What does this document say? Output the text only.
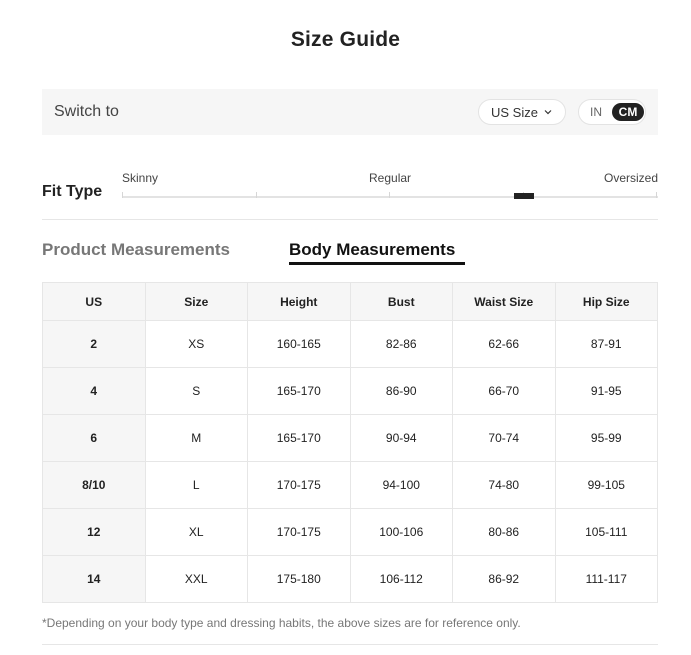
Size Guide
Switch to	US Size	IN	CM
Fit Type
Skinny	Regular	Oversized
Product Measurements	Body Measurements
US	Size	Height	Bust	Waist Size	Hip Size
2	XS	160-165	82-86	62-66	87-91
4	S	165-170	86-90	66-70	91-95
6	M	165-170	90-94	70-74	95-99
8/10	L	170-175	94-100	74-80	99-105
12	XL	170-175	100-106	80-86	105-111
14	XXL	175-180	106-112	86-92	111-117
*Depending on your body type and dressing habits, the above sizes are for reference only.
